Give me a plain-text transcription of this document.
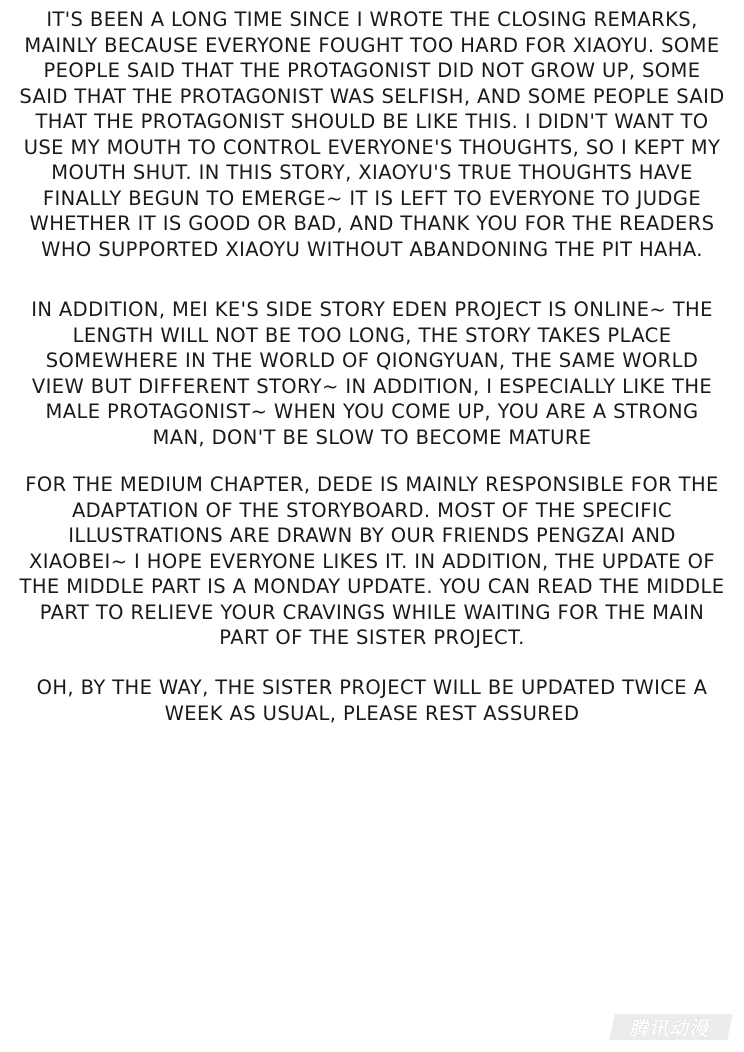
IT'S BEEN A LONG TIME SINCE I WROTE THE CLOSING REMARKS, MAINLY BECAUSE EVERYONE FOUGHT TOO HARD FOR XIAOYU. SOME PEOPLE SAID THAT THE PROTAGONIST DID NOT GROW UP, SOME SAID THAT THE PROTAGONIST WAS SELFISH, AND SOME PEOPLE SAID THAT THE PROTAGONIST SHOULD BE LIKE THIS. I DIDN'T WANT TO USE MY MOUTH TO CONTROL EVERYONE'S THOUGHTS, SO I KEPT MY MOUTH SHUT. IN THIS STORY, XIAOYU'S TRUE THOUGHTS HAVE FINALLY BEGUN TO EMERGE~ IT IS LEFT TO EVERYONE TO JUDGE WHETHER IT IS GOOD OR BAD, AND THANK YOU FOR THE READERS WHO SUPPORTED XIAOYU WITHOUT ABANDONING THE PIT HAHA.

IN ADDITION, MEI KE'S SIDE STORY EDEN PROJECT IS ONLINE~ THE LENGTH WILL NOT BE TOO LONG, THE STORY TAKES PLACE SOMEWHERE IN THE WORLD OF QIONGYUAN, THE SAME WORLD VIEW BUT DIFFERENT STORY~ IN ADDITION, I ESPECIALLY LIKE THE MALE PROTAGONIST~ WHEN YOU COME UP, YOU ARE A STRONG MAN, DON'T BE SLOW TO BECOME MATURE

FOR THE MEDIUM CHAPTER, DEDE IS MAINLY RESPONSIBLE FOR THE ADAPTATION OF THE STORYBOARD. MOST OF THE SPECIFIC ILLUSTRATIONS ARE DRAWN BY OUR FRIENDS PENGZAI AND XIAOBEI~ I HOPE EVERYONE LIKES IT. IN ADDITION, THE UPDATE OF THE MIDDLE PART IS A MONDAY UPDATE. YOU CAN READ THE MIDDLE PART TO RELIEVE YOUR CRAVINGS WHILE WAITING FOR THE MAIN PART OF THE SISTER PROJECT.

OH, BY THE WAY, THE SISTER PROJECT WILL BE UPDATED TWICE A WEEK AS USUAL, PLEASE REST ASSURED

腾讯动漫
